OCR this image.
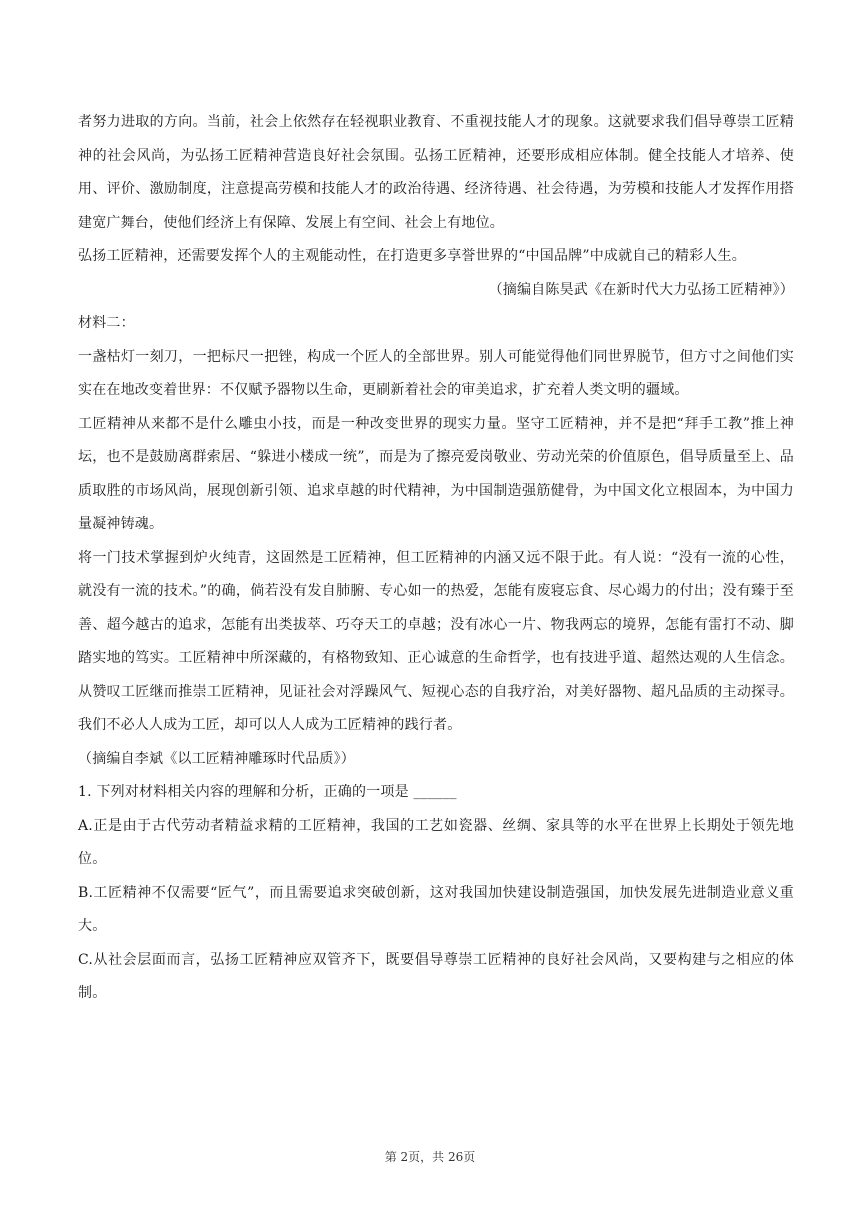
者努力进取的方向。当前，社会上依然存在轻视职业教育、不重视技能人才的现象。这就要求我们倡导尊崇工匠精神的社会风尚，为弘扬工匠精神营造良好社会氛围。弘扬工匠精神，还要形成相应体制。健全技能人才培养、使用、评价、激励制度，注意提高劳模和技能人才的政治待遇、经济待遇、社会待遇，为劳模和技能人才发挥作用搭建宽广舞台，使他们经济上有保障、发展上有空间、社会上有地位。

弘扬工匠精神，还需要发挥个人的主观能动性，在打造更多享誉世界的“中国品牌”中成就自己的精彩人生。

（摘编自陈昊武《在新时代大力弘扬工匠精神》）

材料二：

一盏枯灯一刻刀，一把标尺一把锉，构成一个匠人的全部世界。别人可能觉得他们同世界脱节，但方寸之间他们实实在在地改变着世界：不仅赋予器物以生命，更刷新着社会的审美追求，扩充着人类文明的疆域。

工匠精神从来都不是什么雕虫小技，而是一种改变世界的现实力量。坚守工匠精神，并不是把“拜手工教”推上神坛，也不是鼓励离群索居、“躲进小楼成一统”，而是为了擦亮爱岗敬业、劳动光荣的价值原色，倡导质量至上、品质取胜的市场风尚，展现创新引领、追求卓越的时代精神，为中国制造强筋健骨，为中国文化立根固本，为中国力量凝神铸魂。

将一门技术掌握到炉火纯青，这固然是工匠精神，但工匠精神的内涵又远不限于此。有人说：“没有一流的心性，就没有一流的技术。”的确，倘若没有发自肺腑、专心如一的热爱，怎能有废寝忘食、尽心竭力的付出；没有臻于至善、超今越古的追求，怎能有出类拔萃、巧夺天工的卓越；没有冰心一片、物我两忘的境界，怎能有雷打不动、脚踏实地的笃实。工匠精神中所深藏的，有格物致知、正心诚意的生命哲学，也有技进乎道、超然达观的人生信念。从赞叹工匠继而推崇工匠精神，见证社会对浮躁风气、短视心态的自我疗治，对美好器物、超凡品质的主动探寻。我们不必人人成为工匠，却可以人人成为工匠精神的践行者。

（摘编自李斌《以工匠精神雕琢时代品质》）

1. 下列对材料相关内容的理解和分析，正确的一项是 ______

A.正是由于古代劳动者精益求精的工匠精神，我国的工艺如瓷器、丝绸、家具等的水平在世界上长期处于领先地位。

B.工匠精神不仅需要“匠气”，而且需要追求突破创新，这对我国加快建设制造强国，加快发展先进制造业意义重大。

C.从社会层面而言，弘扬工匠精神应双管齐下，既要倡导尊崇工匠精神的良好社会风尚，又要构建与之相应的体制。

第 2页，共 26页
